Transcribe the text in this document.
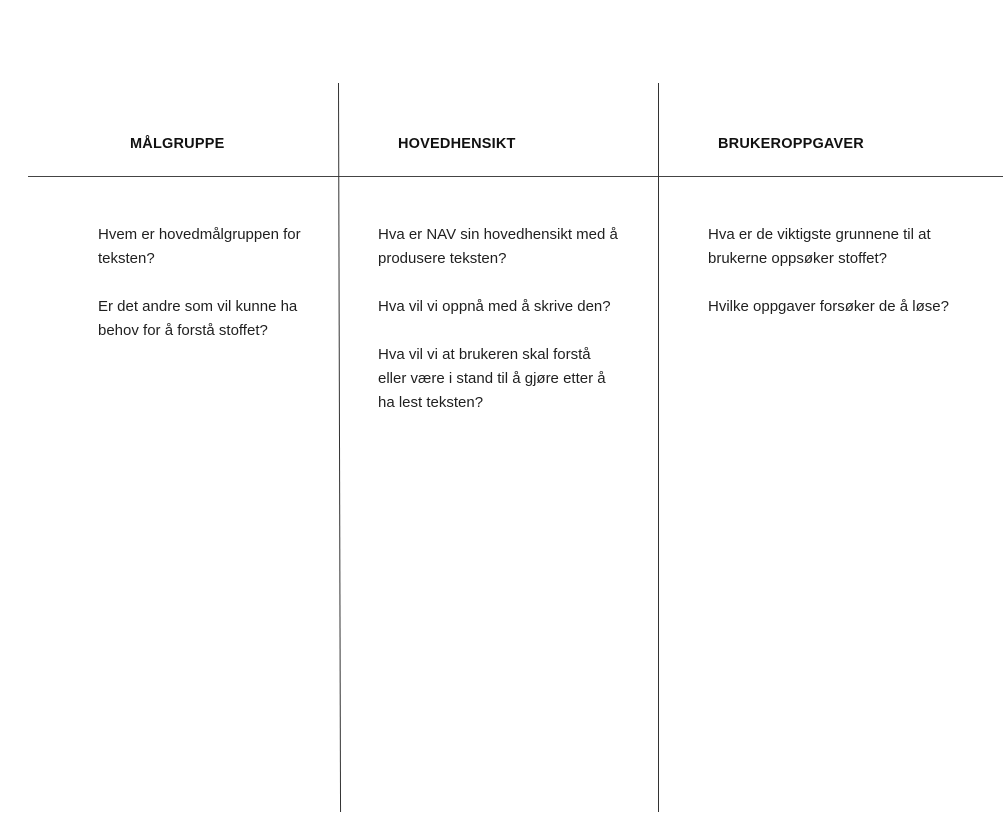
MÅLGRUPPE	HOVEDHENSIKT	BRUKEROPPGAVER

Hvem er hovedmålgruppen for teksten?

Er det andre som vil kunne ha behov for å forstå stoffet?

Hva er NAV sin hovedhensikt med å produsere teksten?

Hva vil vi oppnå med å skrive den?

Hva vil vi at brukeren skal forstå eller være i stand til å gjøre etter å ha lest teksten?

Hva er de viktigste grunnene til at brukerne oppsøker stoffet?

Hvilke oppgaver forsøker de å løse?
